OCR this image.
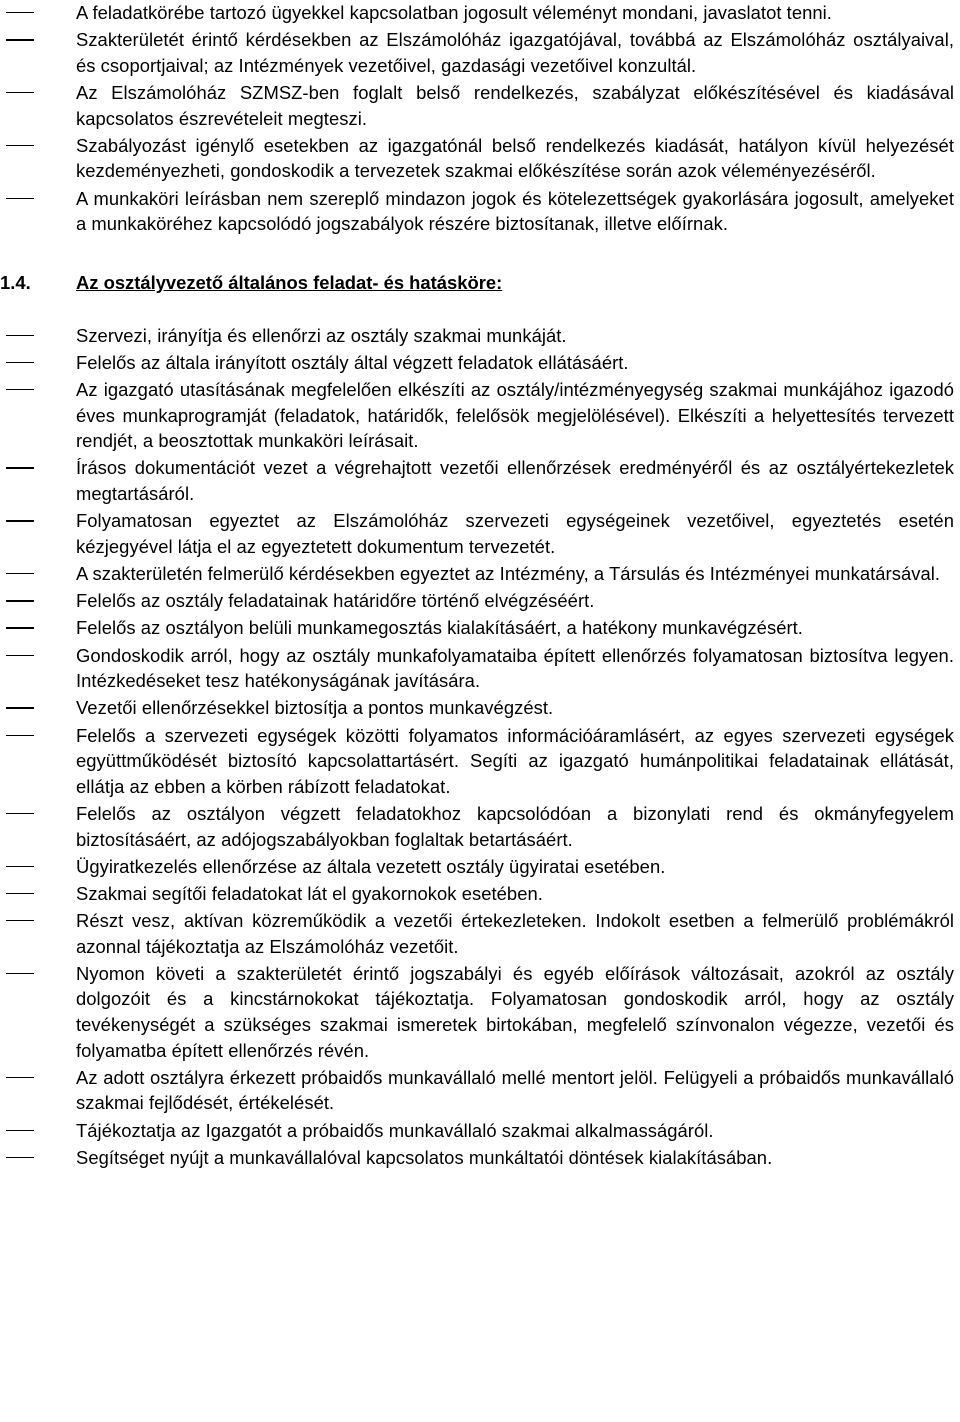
A feladatkörébe tartozó ügyekkel kapcsolatban jogosult véleményt mondani, javaslatot tenni.
Szakterületét érintő kérdésekben az Elszámolóház igazgatójával, továbbá az Elszámolóház osztályaival, és csoportjaival; az Intézmények vezetőivel, gazdasági vezetőivel konzultál.
Az Elszámolóház SZMSZ-ben foglalt belső rendelkezés, szabályzat előkészítésével és kiadásával kapcsolatos észrevételeit megteszi.
Szabályozást igénylő esetekben az igazgatónál belső rendelkezés kiadását, hatályon kívül helyezését kezdeményezheti, gondoskodik a tervezetek szakmai előkészítése során azok véleményezéséről.
A munkaköri leírásban nem szereplő mindazon jogok és kötelezettségek gyakorlására jogosult, amelyeket a munkaköréhez kapcsolódó jogszabályok részére biztosítanak, illetve előírnak.
1.4. Az osztályvezető általános feladat- és hatásköre:
Szervezi, irányítja és ellenőrzi az osztály szakmai munkáját.
Felelős az általa irányított osztály által végzett feladatok ellátásáért.
Az igazgató utasításának megfelelően elkészíti az osztály/intézményegység szakmai munkájához igazodó éves munkaprogramját (feladatok, határidők, felelősök megjelölésével). Elkészíti a helyettesítés tervezett rendjét, a beosztottak munkaköri leírásait.
Írásos dokumentációt vezet a végrehajtott vezetői ellenőrzések eredményéről és az osztályértekezletek megtartásáról.
Folyamatosan egyeztet az Elszámolóház szervezeti egységeinek vezetőivel, egyeztetés esetén kézjegyével látja el az egyeztetett dokumentum tervezetét.
A szakterületén felmerülő kérdésekben egyeztet az Intézmény, a Társulás és Intézményei munkatársával.
Felelős az osztály feladatainak határidőre történő elvégzéséért.
Felelős az osztályon belüli munkamegosztás kialakításáért, a hatékony munkavégzésért.
Gondoskodik arról, hogy az osztály munkafolyamataiba épített ellenőrzés folyamatosan biztosítva legyen. Intézkedéseket tesz hatékonyságának javítására.
Vezetői ellenőrzésekkel biztosítja a pontos munkavégzést.
Felelős a szervezeti egységek közötti folyamatos információáramlásért, az egyes szervezeti egységek együttműködését biztosító kapcsolattartásért. Segíti az igazgató humánpolitikai feladatainak ellátását, ellátja az ebben a körben rábízott feladatokat.
Felelős az osztályon végzett feladatokhoz kapcsolódóan a bizonylati rend és okmányfegyelem biztosításáért, az adójogszabályokban foglaltak betartásáért.
Ügyiratkezelés ellenőrzése az általa vezetett osztály ügyiratai esetében.
Szakmai segítői feladatokat lát el gyakornokok esetében.
Részt vesz, aktívan közreműködik a vezetői értekezleteken. Indokolt esetben a felmerülő problémákról azonnal tájékoztatja az Elszámolóház vezetőit.
Nyomon követi a szakterületét érintő jogszabályi és egyéb előírások változásait, azokról az osztály dolgozóit és a kincstárnokokat tájékoztatja. Folyamatosan gondoskodik arról, hogy az osztály tevékenységét a szükséges szakmai ismeretek birtokában, megfelelő színvonalon végezze, vezetői és folyamatba épített ellenőrzés révén.
Az adott osztályra érkezett próbaidős munkavállaló mellé mentort jelöl. Felügyeli a próbaidős munkavállaló szakmai fejlődését, értékelését.
Tájékoztatja az Igazgatót a próbaidős munkavállaló szakmai alkalmasságáról.
Segítséget nyújt a munkavállalóval kapcsolatos munkáltatói döntések kialakításában.
